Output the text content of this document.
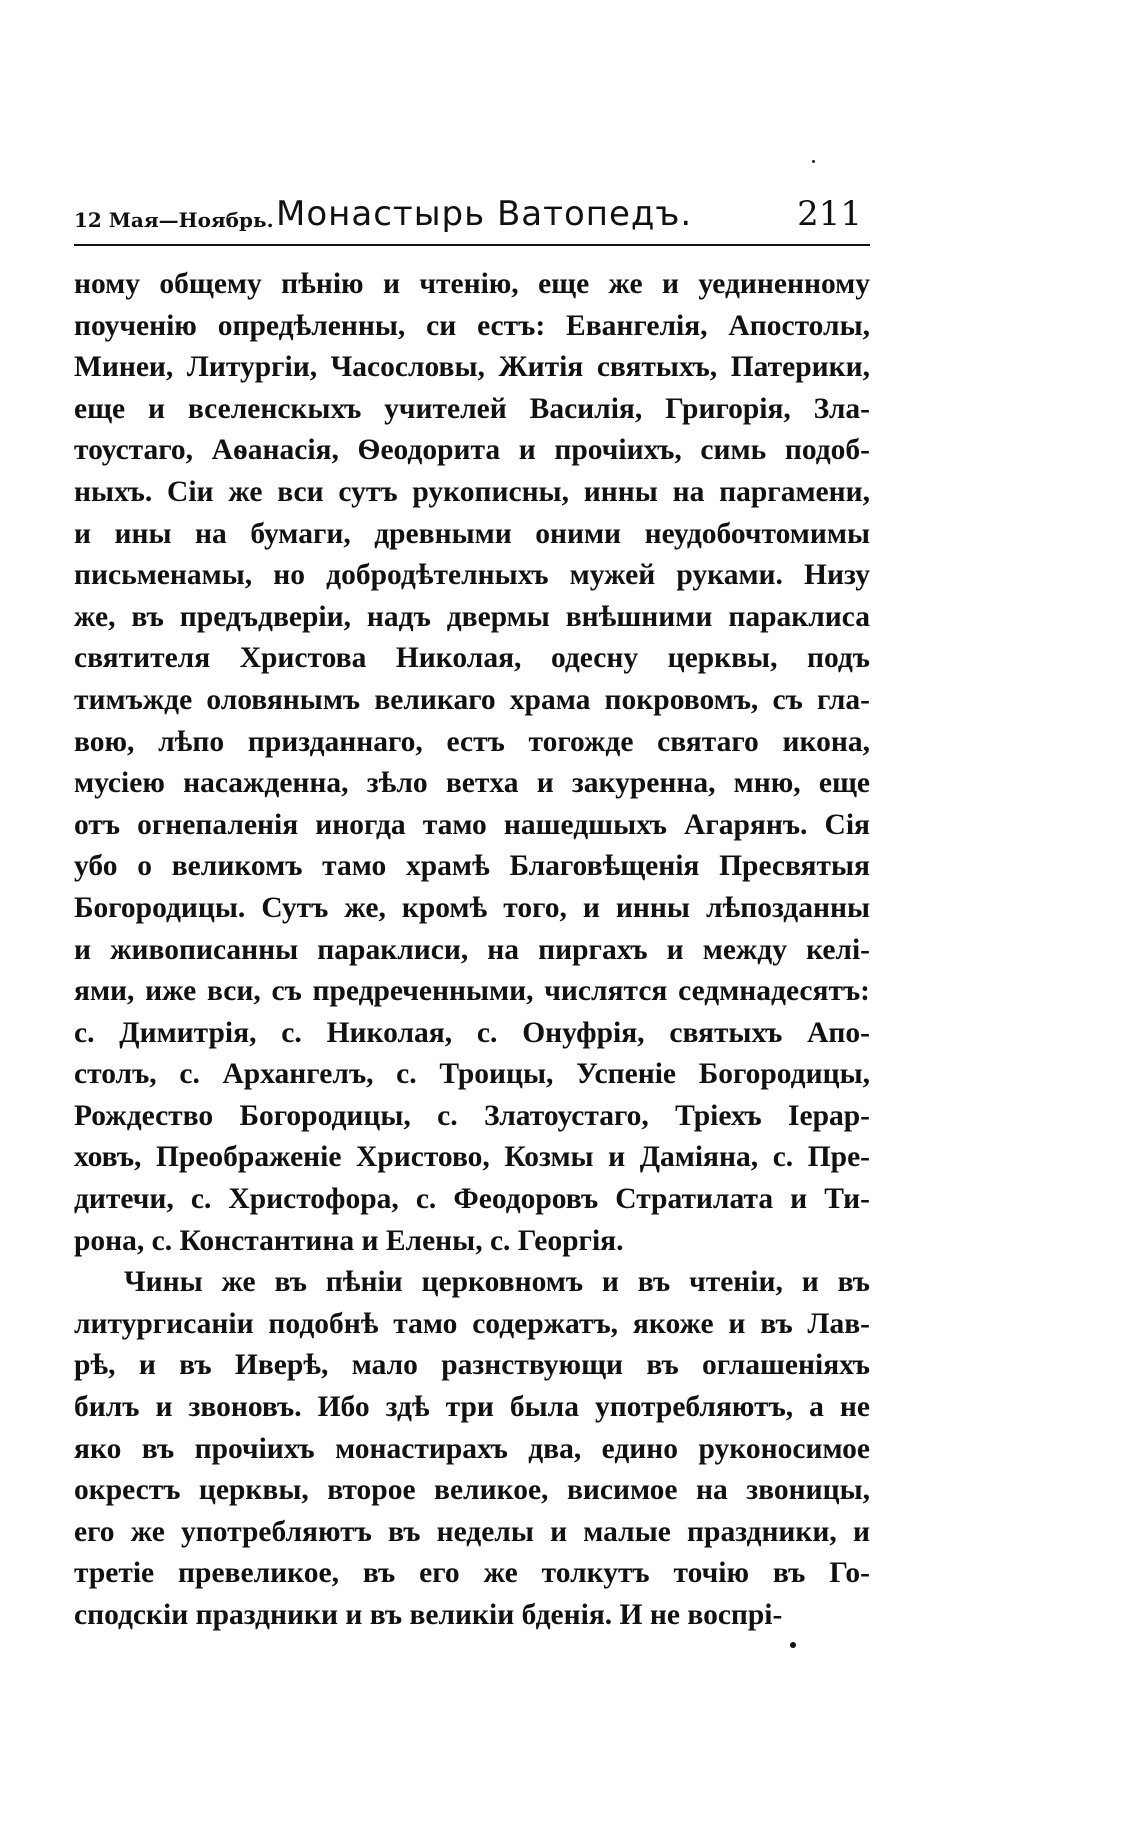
12 Мая—Ноябрь. Монастырь Ватопедъ.	211
ному общему пѣнію и чтенію, еще же и уединенному
поученію опредѣленны, си естъ: Евангелія, Апостолы,
Минеи, Литургіи, Часословы, Житія святыхъ, Патерики,
еще и вселенскыхъ учителей Василія, Григорія, Зла-
тоустаго, Аѳанасія, Ѳеодорита и прочіихъ, симь подоб-
ныхъ. Сіи же вси сутъ рукописны, инны на паргамени,
и ины на бумаги, древными оними неудобочтомимы
письменамы, но добродѣтелныхъ мужей руками. Низу
же, въ предъдверіи, надъ двермы внѣшними параклиса
святителя Христова Николая, одесну церквы, подъ
тимъжде оловянымъ великаго храма покровомъ, съ гла-
вою, лѣпо призданнаго, естъ тогожде святаго икона,
мусіею насажденна, зѣло ветха и закуренна, мню, еще
отъ огнепаленія иногда тамо нашедшыхъ Агарянъ. Сія
убо о великомъ тамо храмѣ Благовѣщенія Пресвятыя
Богородицы. Сутъ же, кромѣ того, и инны лѣпозданны
и живописанны параклиси, на пиргахъ и между келі-
ями, иже вси, съ предреченными, числятся седмнадесятъ:
с. Димитрія, с. Николая, с. Онуфрія, святыхъ Апо-
столъ, с. Архангелъ, с. Троицы, Успеніе Богородицы,
Рождество Богородицы, с. Златоустаго, Тріехъ Іерар-
ховъ, Преображеніе Христово, Козмы и Даміяна, с. Пре-
дитечи, с. Христофора, с. Феодоровъ Стратилата и Ти-
рона, с. Константина и Елены, с. Георгія.
Чины же въ пѣніи церковномъ и въ чтеніи, и въ
литургисаніи подобнѣ тамо содержатъ, якоже и въ Лав-
рѣ, и въ Иверѣ, мало разнствующи въ оглашеніяхъ
билъ и звоновъ. Ибо здѣ три была употребляютъ, а не
яко въ прочіихъ монастирахъ два, едино руконосимое
окрестъ церквы, второе великое, висимое на звоницы,
его же употребляютъ въ неделы и малые праздники, и
третіе превеликое, въ его же толкутъ точію въ Го-
сподскіи праздники и въ великіи бденія. И не воспрі-
